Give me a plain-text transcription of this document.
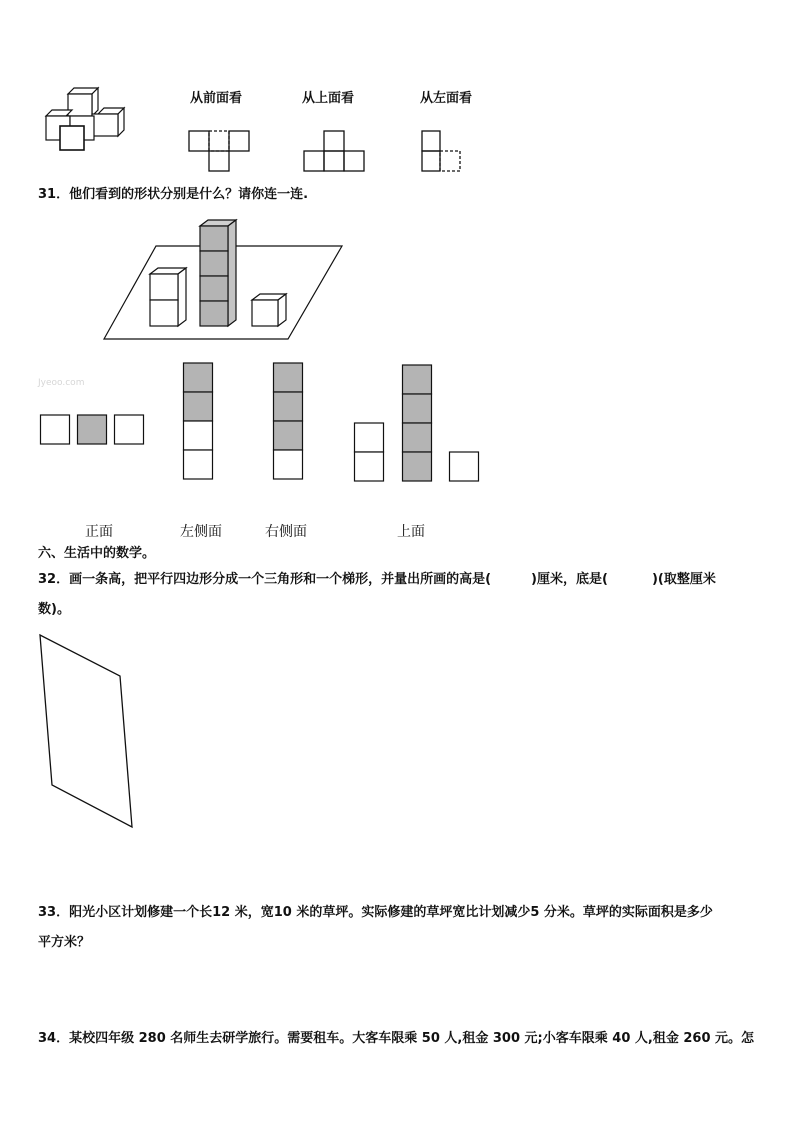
从前面看	从上面看	从左面看
31．他们看到的形状分别是什么？请你连一连.
Jyeoo.com
正面	左侧面	右侧面	上面
六、生活中的数学。
32．画一条高，把平行四边形分成一个三角形和一个梯形，并量出所画的高是(	)厘米，底是(	)(取整厘米
数)。
33．阳光小区计划修建一个长12 米，宽10 米的草坪。实际修建的草坪宽比计划减少5 分米。草坪的实际面积是多少
平方米？
34．某校四年级 280 名师生去研学旅行。需要租车。大客车限乘 50 人,租金 300 元;小客车限乘 40 人,租金 260 元。怎
